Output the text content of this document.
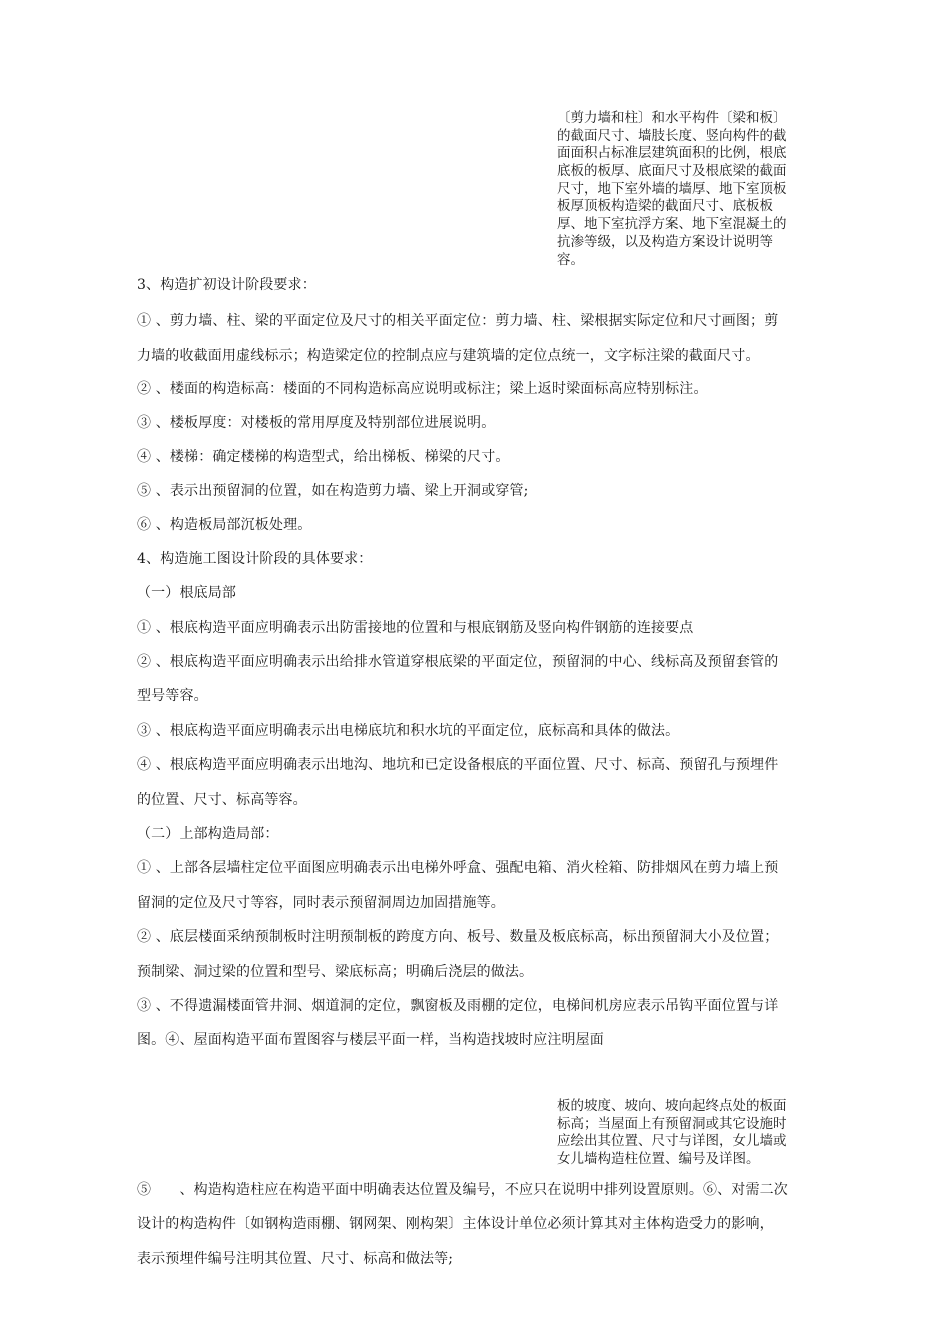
〔剪力墙和柱〕和水平构件〔梁和板〕
的截面尺寸、墙肢长度、竖向构件的截
面面积占标准层建筑面积的比例，根底
底板的板厚、底面尺寸及根底梁的截面
尺寸，地下室外墙的墙厚、地下室顶板
板厚顶板构造梁的截面尺寸、底板板
厚、地下室抗浮方案、地下室混凝土的
抗渗等级，以及构造方案设计说明等
容。
3、构造扩初设计阶段要求：
① 、剪力墙、柱、梁的平面定位及尺寸的相关平面定位：剪力墙、柱、梁根据实际定位和尺寸画图；剪
力墙的收截面用虚线标示；构造梁定位的控制点应与建筑墙的定位点统一，文字标注梁的截面尺寸。
② 、楼面的构造标高：楼面的不同构造标高应说明或标注；梁上返时梁面标高应特别标注。
③ 、楼板厚度：对楼板的常用厚度及特别部位进展说明。
④ 、楼梯：确定楼梯的构造型式，给出梯板、梯梁的尺寸。
⑤ 、表示出预留洞的位置，如在构造剪力墙、梁上开洞或穿管;
⑥ 、构造板局部沉板处理。
4、构造施工图设计阶段的具体要求：
（一）根底局部
① 、根底构造平面应明确表示出防雷接地的位置和与根底钢筋及竖向构件钢筋的连接要点
② 、根底构造平面应明确表示出给排水管道穿根底梁的平面定位，预留洞的中心、线标高及预留套管的
型号等容。
③ 、根底构造平面应明确表示出电梯底坑和积水坑的平面定位，底标高和具体的做法。
④ 、根底构造平面应明确表示出地沟、地坑和已定设备根底的平面位置、尺寸、标高、预留孔与预埋件
的位置、尺寸、标高等容。
（二）上部构造局部：
① 、上部各层墙柱定位平面图应明确表示出电梯外呼盒、强配电箱、消火栓箱、防排烟风在剪力墙上预
留洞的定位及尺寸等容，同时表示预留洞周边加固措施等。
② 、底层楼面采纳预制板时注明预制板的跨度方向、板号、数量及板底标高，标出预留洞大小及位置；
预制梁、洞过梁的位置和型号、梁底标高；明确后浇层的做法。
③ 、不得遗漏楼面管井洞、烟道洞的定位，飘窗板及雨棚的定位，电梯间机房应表示吊钩平面位置与详
图。④、屋面构造平面布置图容与楼层平面一样，当构造找坡时应注明屋面
板的坡度、坡向、坡向起终点处的板面
标高；当屋面上有预留洞或其它设施时
应绘出其位置、尺寸与详图，女儿墙或
女儿墙构造柱位置、编号及详图。
⑤　　、构造构造柱应在构造平面中明确表达位置及编号，不应只在说明中排列设置原则。⑥、对需二次
设计的构造构件〔如钢构造雨棚、钢网架、刚构架〕主体设计单位必须计算其对主体构造受力的影响，
表示预埋件编号注明其位置、尺寸、标高和做法等;
